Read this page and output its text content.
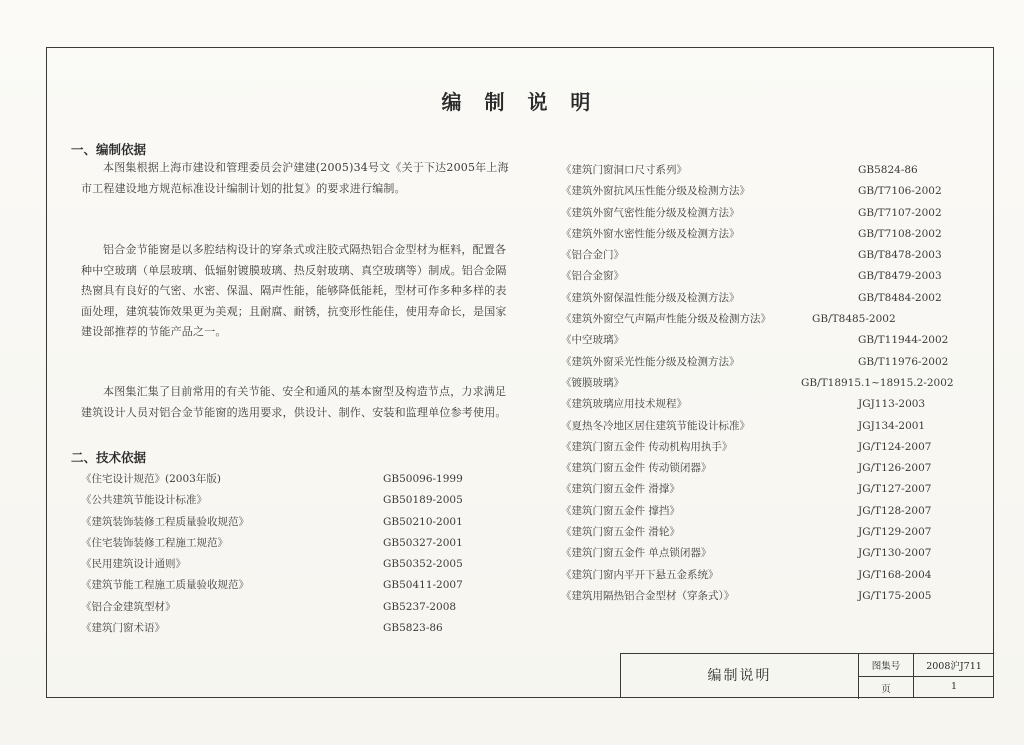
编 制 说 明
一、编制依据
本图集根据上海市建设和管理委员会沪建建(2005)34号文《关于下达2005年上海市工程建设地方规范标准设计编制计划的批复》的要求进行编制。
铝合金节能窗是以多腔结构设计的穿条式或注胶式隔热铝合金型材为框料，配置各种中空玻璃（单层玻璃、低辐射镀膜玻璃、热反射玻璃、真空玻璃等）制成。铝合金隔热窗具有良好的气密、水密、保温、隔声性能，能够降低能耗，型材可作多种多样的表面处理，建筑装饰效果更为美观；且耐腐、耐锈，抗变形性能佳，使用寿命长，是国家建设部推荐的节能产品之一。
本图集汇集了目前常用的有关节能、安全和通风的基本窗型及构造节点，力求满足建筑设计人员对铝合金节能窗的选用要求，供设计、制作、安装和监理单位参考使用。
二、技术依据
《住宅设计规范》(2003年版)	GB50096-1999
《公共建筑节能设计标准》	GB50189-2005
《建筑装饰装修工程质量验收规范》	GB50210-2001
《住宅装饰装修工程施工规范》	GB50327-2001
《民用建筑设计通则》	GB50352-2005
《建筑节能工程施工质量验收规范》	GB50411-2007
《铝合金建筑型材》	GB5237-2008
《建筑门窗术语》	GB5823-86
《建筑门窗洞口尺寸系列》	GB5824-86
《建筑外窗抗风压性能分级及检测方法》	GB/T7106-2002
《建筑外窗气密性能分级及检测方法》	GB/T7107-2002
《建筑外窗水密性能分级及检测方法》	GB/T7108-2002
《铝合金门》	GB/T8478-2003
《铝合金窗》	GB/T8479-2003
《建筑外窗保温性能分级及检测方法》	GB/T8484-2002
《建筑外窗空气声隔声性能分级及检测方法》	GB/T8485-2002
《中空玻璃》	GB/T11944-2002
《建筑外窗采光性能分级及检测方法》	GB/T11976-2002
《镀膜玻璃》	GB/T18915.1~18915.2-2002
《建筑玻璃应用技术规程》	JGJ113-2003
《夏热冬冷地区居住建筑节能设计标准》	JGJ134-2001
《建筑门窗五金件 传动机构用执手》	JG/T124-2007
《建筑门窗五金件 传动锁闭器》	JG/T126-2007
《建筑门窗五金件 滑撑》	JG/T127-2007
《建筑门窗五金件 撑挡》	JG/T128-2007
《建筑门窗五金件 滑轮》	JG/T129-2007
《建筑门窗五金件 单点锁闭器》	JG/T130-2007
《建筑门窗内平开下悬五金系统》	JG/T168-2004
《建筑用隔热铝合金型材（穿条式）》	JG/T175-2005
编制说明
图集号	2008沪J711
页	1
